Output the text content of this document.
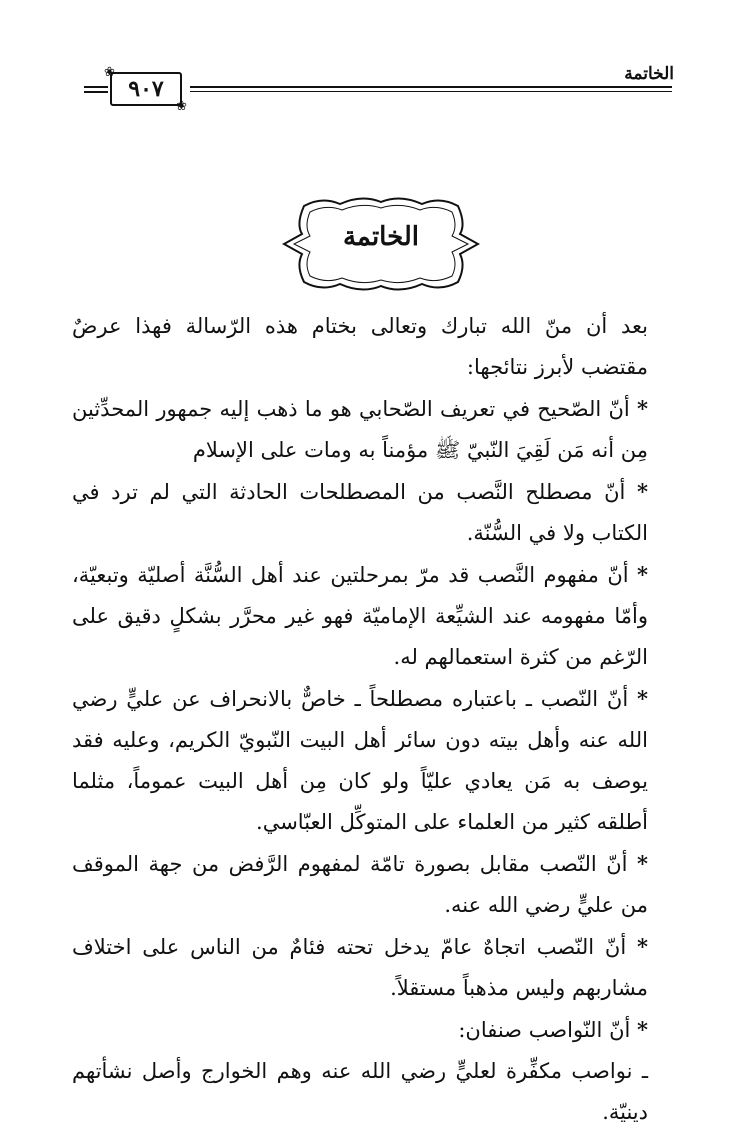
الخاتمة
٩٠٧
❀
❀
الخاتمة

بعد أن منّ الله تبارك وتعالى بختام هذه الرّسالة فهذا عرضٌ مقتضب لأبرز نتائجها:

* أنّ الصّحيح في تعريف الصّحابي هو ما ذهب إليه جمهور المحدِّثين مِن أنه مَن لَقِيَ النّبيّ ﷺ مؤمناً به ومات على الإسلام

* أنّ مصطلح النَّصب من المصطلحات الحادثة التي لم ترد في الكتاب ولا في السُّنّة.

* أنّ مفهوم النَّصب قد مرّ بمرحلتين عند أهل السُّنَّة أصليّة وتبعيّة، وأمّا مفهومه عند الشيِّعة الإماميّة فهو غير محرَّر بشكلٍ دقيق على الرّغم من كثرة استعمالهم له.

* أنّ النّصب ـ باعتباره مصطلحاً ـ خاصٌّ بالانحراف عن عليٍّ رضي الله عنه وأهل بيته دون سائر أهل البيت النّبويّ الكريم، وعليه فقد يوصف به مَن يعادي عليّاً ولو كان مِن أهل البيت عموماً، مثلما أطلقه كثير من العلماء على المتوكِّل العبّاسي.

* أنّ النّصب مقابل بصورة تامّة لمفهوم الرَّفض من جهة الموقف من عليٍّ رضي الله عنه.

* أنّ النّصب اتجاهٌ عامّ يدخل تحته فئامٌ من الناس على اختلاف مشاربهم وليس مذهباً مستقلاً.

* أنّ النّواصب صنفان:

ـ نواصب مكفِّرة لعليٍّ رضي الله عنه وهم الخوارج وأصل نشأتهم دينيّة.
